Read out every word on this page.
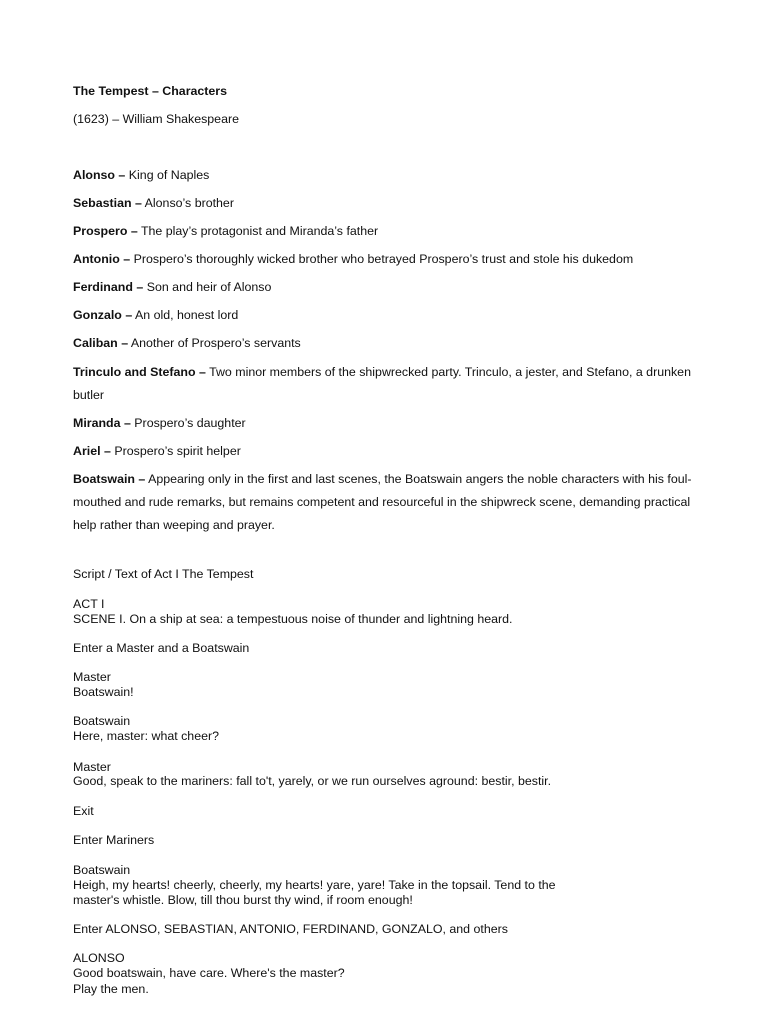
The Tempest – Characters
(1623) – William Shakespeare
Alonso – King of Naples
Sebastian – Alonso’s brother
Prospero – The play’s protagonist and Miranda’s father
Antonio – Prospero’s thoroughly wicked brother who betrayed Prospero’s trust and stole his dukedom
Ferdinand – Son and heir of Alonso
Gonzalo – An old, honest lord
Caliban – Another of Prospero’s servants
Trinculo and Stefano – Two minor members of the shipwrecked party. Trinculo, a jester, and Stefano, a drunken butler
Miranda – Prospero’s daughter
Ariel – Prospero’s spirit helper
Boatswain – Appearing only in the first and last scenes, the Boatswain angers the noble characters with his foul-mouthed and rude remarks, but remains competent and resourceful in the shipwreck scene, demanding practical help rather than weeping and prayer.
Script / Text of Act I The Tempest
ACT I
SCENE I. On a ship at sea: a tempestuous noise of thunder and lightning heard.
Enter a Master and a Boatswain
Master
Boatswain!
Boatswain
Here, master: what cheer?
Master
Good, speak to the mariners: fall to't, yarely, or we run ourselves aground: bestir, bestir.
Exit
Enter Mariners
Boatswain
Heigh, my hearts! cheerly, cheerly, my hearts! yare, yare! Take in the topsail. Tend to the
master's whistle. Blow, till thou burst thy wind, if room enough!
Enter ALONSO, SEBASTIAN, ANTONIO, FERDINAND, GONZALO, and others
ALONSO
Good boatswain, have care. Where's the master?
Play the men.
